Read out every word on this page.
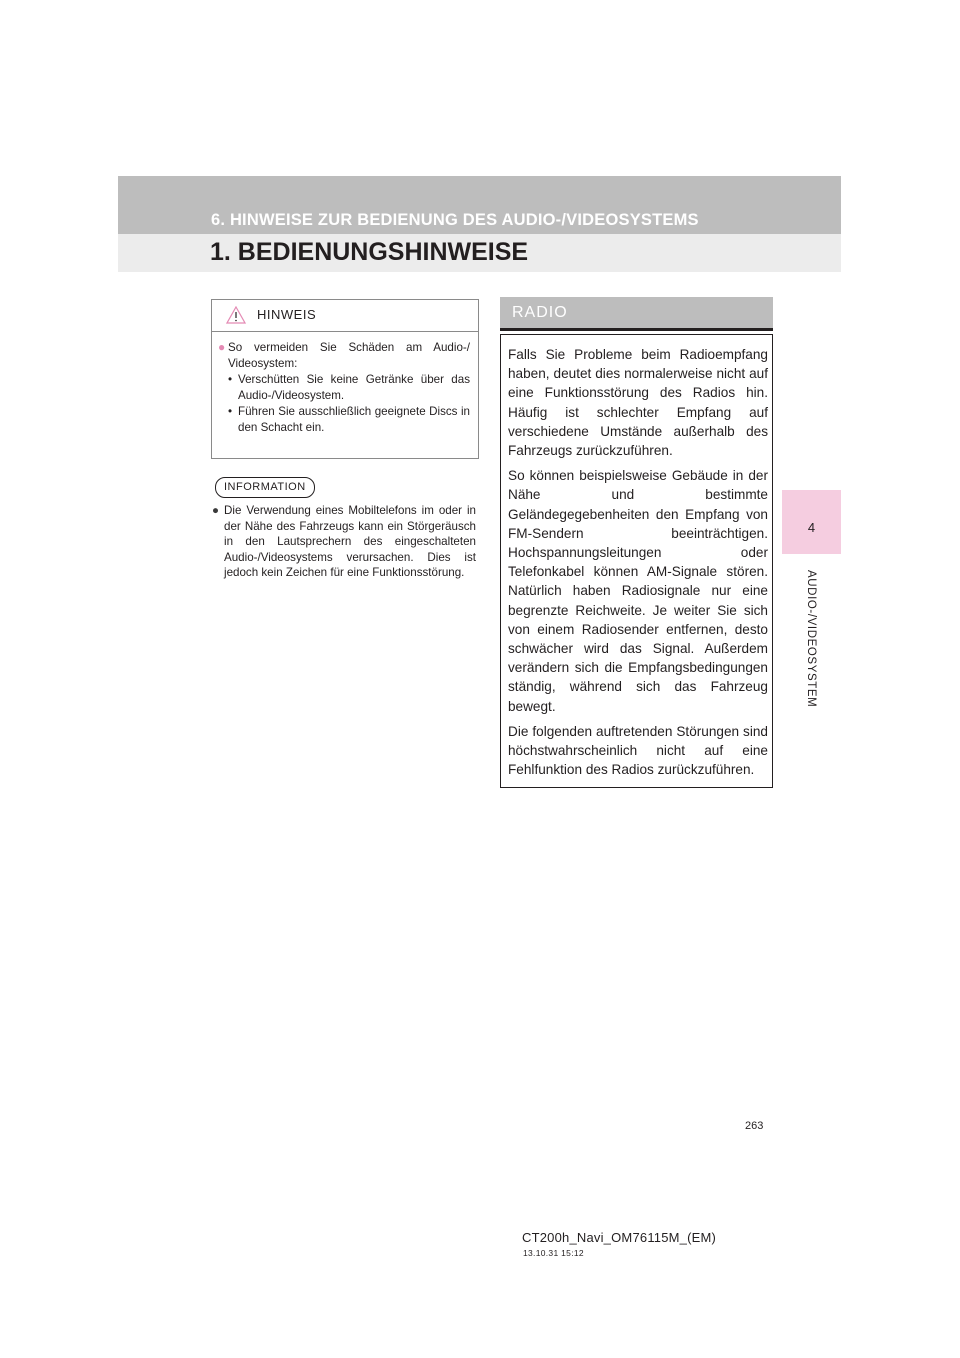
6. HINWEISE ZUR BEDIENUNG DES AUDIO-/VIDEOSYSTEMS
1. BEDIENUNGSHINWEISE
4
AUDIO-/VIDEOSYSTEM
HINWEIS
● So vermeiden Sie Schäden am Audio-/ Videosystem:
• Verschütten Sie keine Getränke über das Audio-/Videosystem.
• Führen Sie ausschließlich geeignete Discs in den Schacht ein.
INFORMATION
● Die Verwendung eines Mobiltelefons im oder in der Nähe des Fahrzeugs kann ein Störgeräusch in den Lautsprechern des eingeschalteten Audio-/Videosystems verursachen. Dies ist jedoch kein Zeichen für eine Funktionsstörung.
RADIO

Falls Sie Probleme beim Radioempfang haben, deutet dies normalerweise nicht auf eine Funktionsstörung des Radios hin. Häufig ist schlechter Empfang auf verschiedene Umstände außerhalb des Fahrzeugs zurückzuführen.

So können beispielsweise Gebäude in der Nähe und bestimmte Geländegegebenheiten den Empfang von FM-Sendern beeinträchtigen. Hochspannungsleitungen oder Telefonkabel können AM-Signale stören. Natürlich haben Radiosignale nur eine begrenzte Reichweite. Je weiter Sie sich von einem Radiosender entfernen, desto schwächer wird das Signal. Außerdem verändern sich die Empfangsbedingungen ständig, während sich das Fahrzeug bewegt.

Die folgenden auftretenden Störungen sind höchstwahrscheinlich nicht auf eine Fehlfunktion des Radios zurückzuführen.

263
CT200h_Navi_OM76115M_(EM)
13.10.31 15:12
